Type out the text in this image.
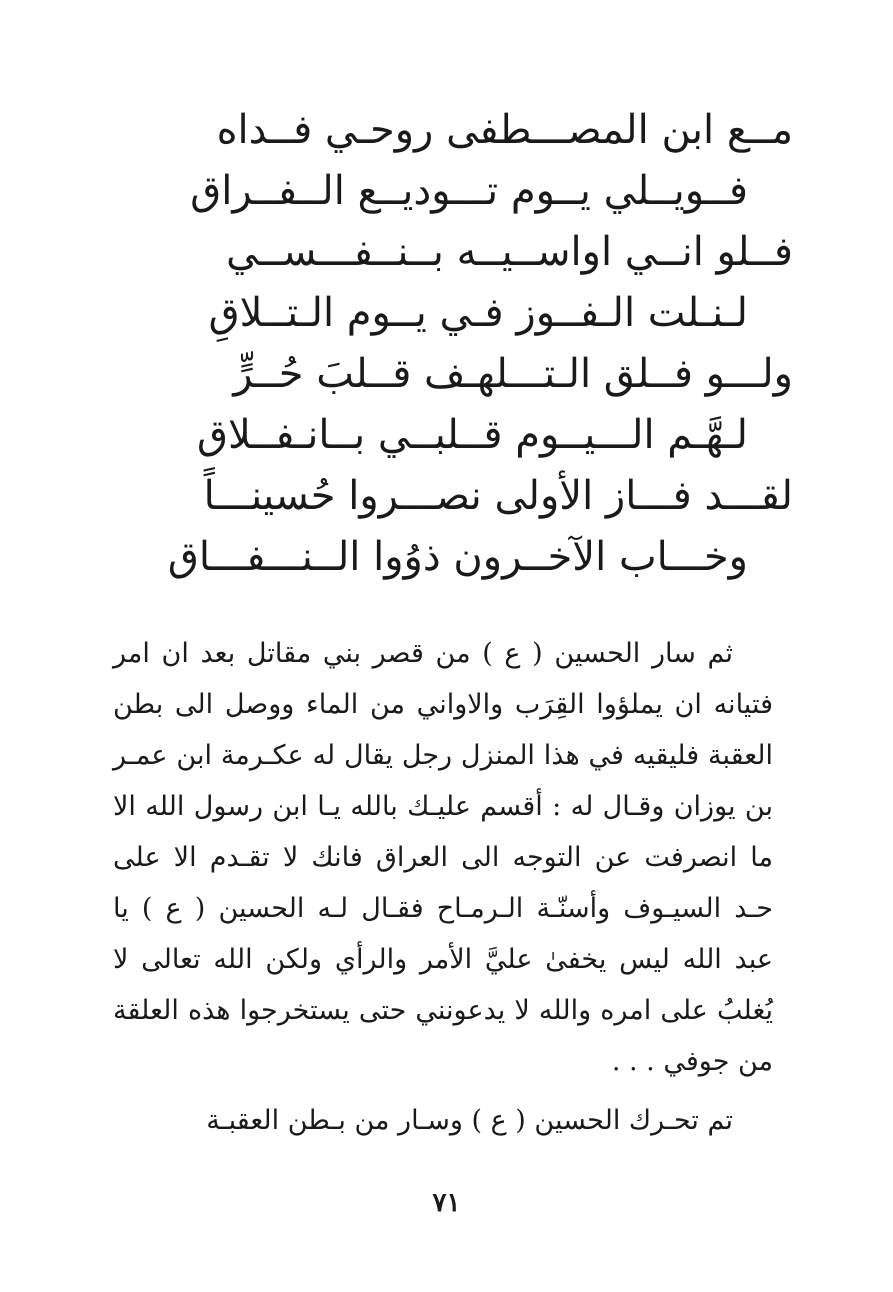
مــع ابن المصـــطفى روحـي فــداه
فــويــلي يــوم تـــوديــع الــفــراق
فــلو انــي اواســيــه بــنــفـــســي
لـنـلت الـفــوز فـي يــوم الـتــلاقِ
ولـــو فــلق الـتـــلهـف قــلبَ حُــرٍّ
لـهَّـم الـــيــوم قــلبــي بــانـفــلاق
لقـــد فـــاز الأولى نصـــروا حُسينـــاً
وخـــاب الآخــرون ذوُوا الــنـــفـــاق

ثم سار الحسين ( ع ) من قصر بني مقاتل بعد ان امر فتيانه ان يملؤوا القِرَب والاواني من الماء ووصل الى بطن العقبة فليقيه في هذا المنزل رجل يقال له عكـرمة ابن عمـر بن يوزان وقـال له : أقسم عليـك بالله يـا ابن رسول الله الا ما انصرفت عن التوجه الى العراق فانك لا تقـدم الا على حـد السيـوف وأسنّـة الـرمـاح فقـال لـه الحسين ( ع ) يا عبد الله ليس يخفىٰ عليَّ الأمر والرأي ولكن الله تعالى لا يُغلبُ على امره والله لا يدعونني حتى يستخرجوا هذه العلقة من جوفي . . .

تم تحـرك الحسين ( ع ) وسـار من بـطن العقبـة

٧١
